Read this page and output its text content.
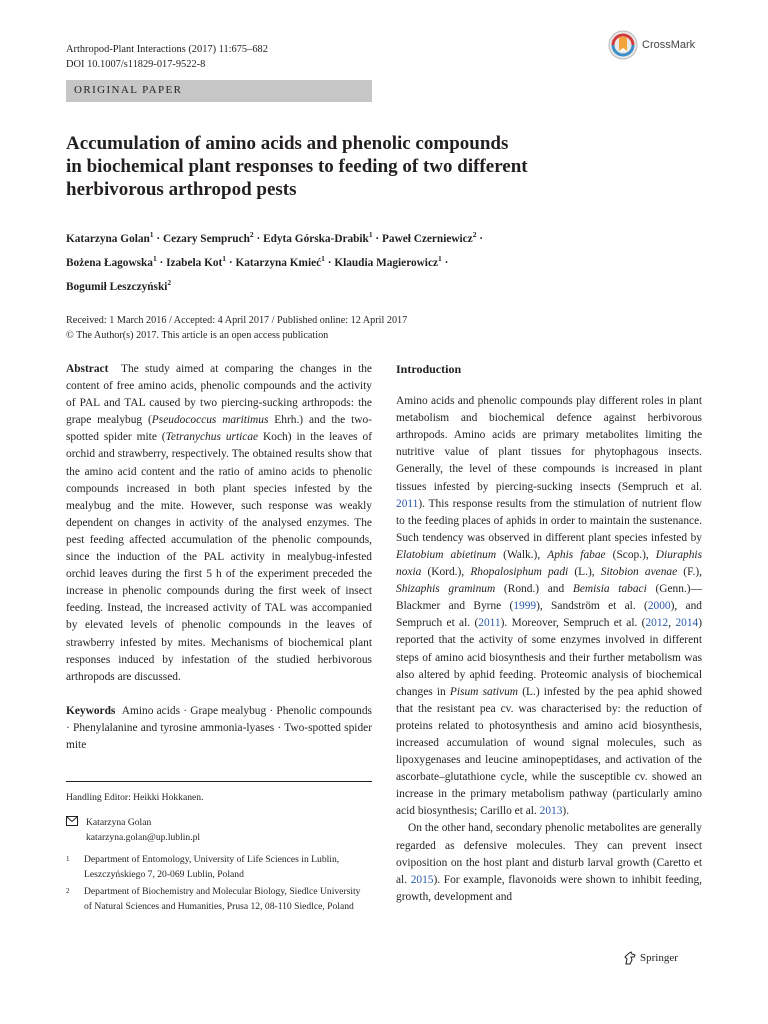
Arthropod-Plant Interactions (2017) 11:675–682
DOI 10.1007/s11829-017-9522-8
CrossMark
ORIGINAL PAPER
Accumulation of amino acids and phenolic compounds
in biochemical plant responses to feeding of two different
herbivorous arthropod pests
Katarzyna Golan$^1$ · Cezary Sempruch$^2$ · Edyta Górska-Drabik$^1$ · Paweł Czerniewicz$^2$ ·
Bożena Łagowska$^1$ · Izabela Kot$^1$ · Katarzyna Kmieć$^1$ · Klaudia Magierowicz$^1$ ·
Bogumił Leszczyński$^2$
Received: 1 March 2016 / Accepted: 4 April 2017 / Published online: 12 April 2017
© The Author(s) 2017. This article is an open access publication

Abstract The study aimed at comparing the changes in the content of free amino acids, phenolic compounds and the activity of PAL and TAL caused by two piercing-sucking arthropods: the grape mealybug (Pseudococcus maritimus Ehrh.) and the two-spotted spider mite (Tetranychus urticae Koch) in the leaves of orchid and strawberry, respectively. The obtained results show that the amino acid content and the ratio of amino acids to phenolic compounds increased in both plant species infested by the mealybug and the mite. However, such response was weakly dependent on changes in activity of the analysed enzymes. The pest feeding affected accumulation of the phenolic compounds, since the induction of the PAL activity in mealybug-infested orchid leaves during the first 5 h of the experiment preceded the increase in phenolic compounds during the first week of insect feeding. Instead, the increased activity of TAL was accompanied by elevated levels of phenolic compounds in the leaves of strawberry infested by mites. Mechanisms of biochemical plant responses induced by infestation of the studied herbivorous arthropods are discussed.

Keywords Amino acids · Grape mealybug · Phenolic compounds · Phenylalanine and tyrosine ammonia-lyases · Two-spotted spider mite

Handling Editor: Heikki Hokkanen.
Katarzyna Golan
katarzyna.golan@up.lublin.pl
1	Department of Entomology, University of Life Sciences in Lublin, Leszczyńskiego 7, 20-069 Lublin, Poland
2	Department of Biochemistry and Molecular Biology, Siedlce University of Natural Sciences and Humanities, Prusa 12, 08-110 Siedlce, Poland
Introduction

Amino acids and phenolic compounds play different roles in plant metabolism and biochemical defence against herbivorous arthropods. Amino acids are primary metabolites limiting the nutritive value of plant tissues for phytophagous insects. Generally, the level of these compounds is increased in plant tissues infested by piercing-sucking insects (Sempruch et al. 2011). This response results from the stimulation of nutrient flow to the feeding places of aphids in order to maintain the sustenance. Such tendency was observed in different plant species infested by Elatobium abietinum (Walk.), Aphis fabae (Scop.), Diuraphis noxia (Kord.), Rhopalosiphum padi (L.), Sitobion avenae (F.), Shizaphis graminum (Rond.) and Bemisia tabaci (Genn.)—Blackmer and Byrne (1999), Sandström et al. (2000), and Sempruch et al. (2011). Moreover, Sempruch et al. (2012, 2014) reported that the activity of some enzymes involved in different steps of amino acid biosynthesis and their further metabolism was also altered by aphid feeding. Proteomic analysis of biochemical changes in Pisum sativum (L.) infested by the pea aphid showed that the resistant pea cv. was characterised by: the reduction of proteins related to photosynthesis and amino acid biosynthesis, increased accumulation of wound signal molecules, such as lipoxygenases and leucine aminopeptidases, and activation of the ascorbate–glutathione cycle, while the susceptible cv. showed an increase in the primary metabolism pathway (particularly amino acid biosynthesis; Carillo et al. 2013).

On the other hand, secondary phenolic metabolites are generally regarded as defensive molecules. They can prevent insect oviposition on the host plant and disturb larval growth (Caretto et al. 2015). For example, flavonoids were shown to inhibit feeding, growth, development and

Springer
